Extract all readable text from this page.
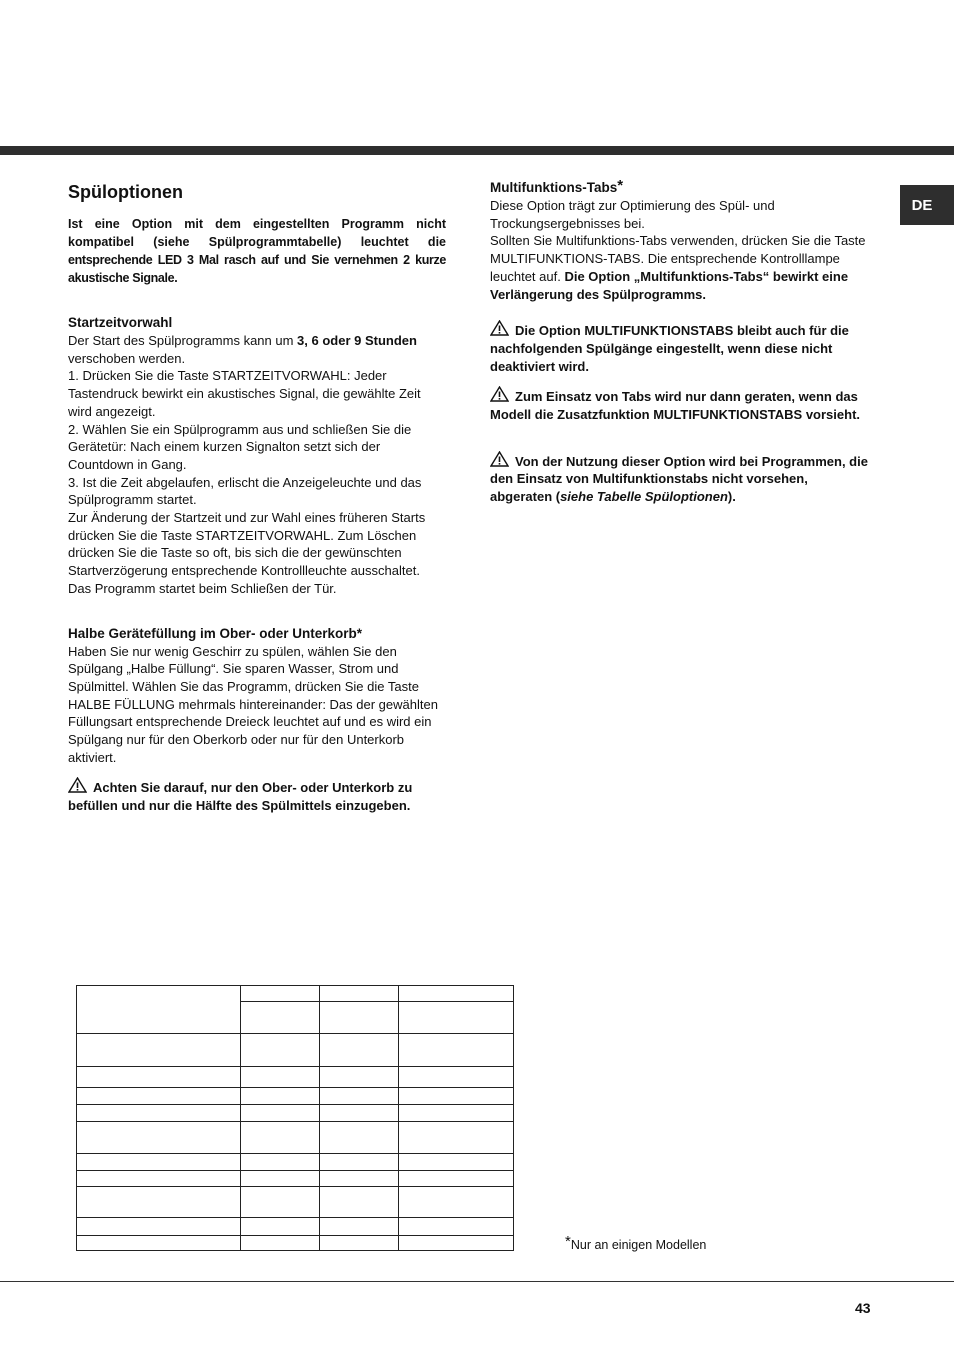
DE
Spüloptionen

Ist eine Option mit dem eingestellten Programm nicht kompatibel (siehe Spülprogrammtabelle) leuchtet die entsprechende LED 3 Mal rasch auf und Sie vernehmen 2 kurze akustische Signale.

Startzeitvorwahl

Der Start des Spülprogramms kann um 3, 6 oder 9 Stunden verschoben werden.

1. Drücken Sie die Taste STARTZEITVORWAHL: Jeder Tastendruck bewirkt ein akustisches Signal, die gewählte Zeit wird angezeigt.

2. Wählen Sie ein Spülprogramm aus und schließen Sie die Gerätetür: Nach einem kurzen Signalton setzt sich der Countdown in Gang.

3. Ist die Zeit abgelaufen, erlischt die Anzeigeleuchte und das Spülprogramm startet.

Zur Änderung der Startzeit und zur Wahl eines früheren Starts drücken Sie die Taste STARTZEITVORWAHL. Zum Löschen drücken Sie die Taste so oft, bis sich die der gewünschten Startverzögerung entsprechende Kontrollleuchte ausschaltet. Das Programm startet beim Schließen der Tür.

Halbe Gerätefüllung im Ober- oder Unterkorb*

Haben Sie nur wenig Geschirr zu spülen, wählen Sie den Spülgang „Halbe Füllung“. Sie sparen Wasser, Strom und Spülmittel. Wählen Sie das Programm, drücken Sie die Taste HALBE FÜLLUNG mehrmals hintereinander: Das der gewählten Füllungsart entsprechende Dreieck leuchtet auf und es wird ein Spülgang nur für den Oberkorb oder nur für den Unterkorb aktiviert.

Achten Sie darauf, nur den Ober- oder Unterkorb zu befüllen und nur die Hälfte des Spülmittels einzugeben.

Multifunktions-Tabs*

Diese Option trägt zur Optimierung des Spül- und Trockungsergebnisses bei.

Sollten Sie Multifunktions-Tabs verwenden, drücken Sie die Taste MULTIFUNKTIONS-TABS. Die entsprechende Kontrolllampe leuchtet auf. Die Option „Multifunktions-Tabs“ bewirkt eine Verlängerung des Spülprogramms.

Die Option MULTIFUNKTIONSTABS bleibt auch für die nachfolgenden Spülgänge eingestellt, wenn diese nicht deaktiviert wird.

Zum Einsatz von Tabs wird nur dann geraten, wenn das Modell die Zusatzfunktion MULTIFUNKTIONSTABS vorsieht.

Von der Nutzung dieser Option wird bei Programmen, die den Einsatz von Multifunktionstabs nicht vorsehen, abgeraten (siehe Tabelle Spüloptionen).

*Nur an einigen Modellen
43
